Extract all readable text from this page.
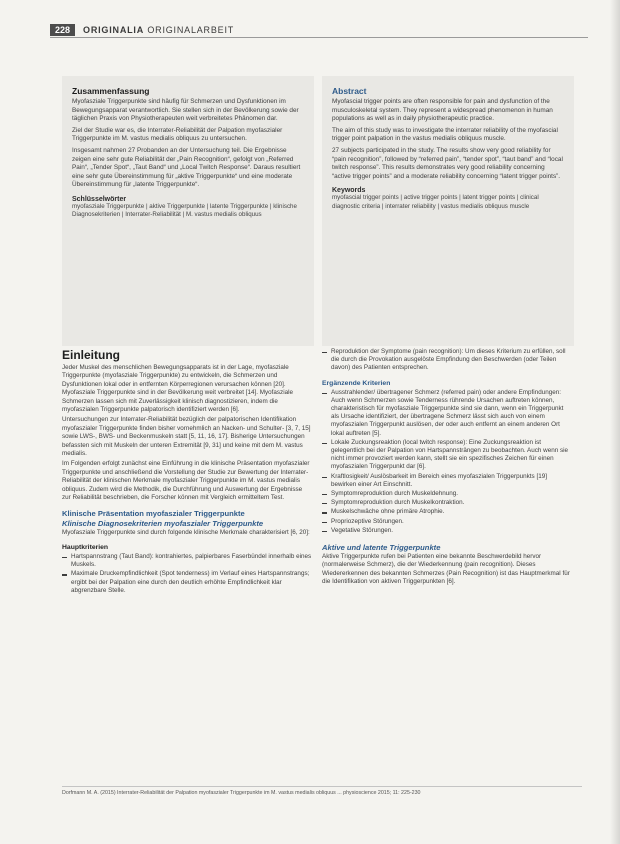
228	ORIGINALIA ORIGINALARBEIT
Zusammenfassung

Myofasziale Triggerpunkte sind häufig für Schmerzen und Dysfunktionen im Bewegungsapparat verantwortlich. Sie stellen sich in der Bevölkerung sowie der täglichen Praxis von Physiotherapeuten weit verbreitetes Phänomen dar.

Ziel der Studie war es, die Interrater-Reliabilität der Palpation myofaszialer Triggerpunkte im M. vastus medialis obliquus zu untersuchen.

Insgesamt nahmen 27 Probanden an der Untersuchung teil. Die Ergebnisse zeigen eine sehr gute Reliabilität der „Pain Recognition“, gefolgt von „Referred Pain“, „Tender Spot“, „Taut Band“ und „Local Twitch Response“. Daraus resultiert eine sehr gute Übereinstimmung für „aktive Triggerpunkte“ und eine moderate Übereinstimmung für „latente Triggerpunkte“.

Schlüsselwörter
myofasziale Triggerpunkte | aktive Triggerpunkte | latente Triggerpunkte | klinische Diagnosekriterien | Interrater-Reliabilität | M. vastus medialis obliquus
Abstract

Myofascial trigger points are often responsible for pain and dysfunction of the musculoskeletal system. They represent a widespread phenomenon in human populations as well as in daily physiotherapeutic practice.

The aim of this study was to investigate the interrater reliability of the myofascial trigger point palpation in the vastus medialis obliquus muscle.

27 subjects participated in the study. The results show very good reliability for “pain recognition”, followed by “referred pain”, “tender spot”, “taut band” and “local twitch response”. This results demonstrates very good reliability concerning “active trigger points” and a moderate reliability concerning “latent trigger points”.

Keywords
myofascial trigger points | active trigger points | latent trigger points | clinical diagnostic criteria | interrater reliability | vastus medialis obliquus muscle
Einleitung

Jeder Muskel des menschlichen Bewegungsapparats ist in der Lage, myofasziale Triggerpunkte (myofasziale Triggerpunkte) zu entwickeln, die Schmerzen und Dysfunktionen lokal oder in entfernten Körperregionen verursachen können [20]. Myofasziale Triggerpunkte sind in der Bevölkerung weit verbreitet [14]. Myofasziale Schmerzen lassen sich mit Zuverlässigkeit klinisch diagnostizieren, indem die myofaszialen Triggerpunkte palpatorisch identifiziert werden [6].

Untersuchungen zur Interrater-Reliabilität bezüglich der palpatorischen Identifikation myofaszialer Triggerpunkte finden bisher vornehmlich an Nacken- und Schulter- [3, 7, 15] sowie LWS-, BWS- und Beckenmuskeln statt [5, 11, 16, 17]. Bisherige Untersuchungen befassten sich mit Muskeln der unteren Extremität [9, 31] und keine mit dem M. vastus medialis.

Im Folgenden erfolgt zunächst eine Einführung in die klinische Präsentation myofaszialer Triggerpunkte und anschließend die Vorstellung der Studie zur Bewertung der Interrater-Reliabilität der klinischen Merkmale myofaszialer Triggerpunkte im M. vastus medialis obliquus. Zudem wird die Methodik, die Durchführung und Auswertung der Ergebnisse zur Reliabilität beschrieben, die Forscher können mit Vergleich ermitteltem Test.

Klinische Präsentation myofaszialer Triggerpunkte
Klinische Diagnosekriterien myofaszialer Triggerpunkte

Myofasziale Triggerpunkte sind durch folgende klinische Merkmale charakterisiert [6, 20]:

Hauptkriterien
Hartspannstrang (Taut Band): kontrahiertes, palpierbares Faserbündel innerhalb eines Muskels.
Maximale Druckempfindlichkeit (Spot tenderness) im Verlauf eines Hartspannstrangs; ergibt bei der Palpation eine durch den deutlich erhöhte Empfindlichkeit klar abgrenzbare Stelle.
Reproduktion der Symptome (pain recognition): Um dieses Kriterium zu erfüllen, soll die durch die Provokation ausgelöste Empfindung den Beschwerden (oder Teilen davon) des Patienten entsprechen.
Ergänzende Kriterien
Ausstrahlender/ übertragener Schmerz (referred pain) oder andere Empfindungen: Auch wenn Schmerzen sowie Tenderness rührende Ursachen auftreten können, charakteristisch für myofasziale Triggerpunkte sind sie dann, wenn ein Triggerpunkt als Ursache identifiziert, der übertragene Schmerz lässt sich auch von einem myofaszialen Triggerpunkt auslösen, der oder auch entfernt an einem anderen Ort lokal auftreten [5].
Lokale Zuckungsreaktion (local twitch response): Eine Zuckungsreaktion ist gelegentlich bei der Palpation von Hartspannsträngen zu beobachten. Auch wenn sie nicht immer provoziert werden kann, stellt sie ein spezifisches Zeichen für einen myofaszialen Triggerpunkt dar [6].
Kraftlosigkeit/ Auslösbarkeit im Bereich eines myofaszialen Triggerpunkts [19] bewirken einer Art Einschnitt.
Symptomreproduktion durch Muskeldehnung.
Symptomreproduktion durch Muskelkontraktion.
Muskelschwäche ohne primäre Atrophie.
Propriozeptive Störungen.
Vegetative Störungen.
Aktive und latente Triggerpunkte

Aktive Triggerpunkte rufen bei Patienten eine bekannte Beschwerdebild hervor (normalerweise Schmerz), die der Wiederkennung (pain recognition). Dieses Wiedererkennen des bekannten Schmerzes (Pain Recognition) ist das Hauptmerkmal für die Identifikation von aktiven Triggerpunkten [6].

Dorfmann M. A. (2015) Interrater-Reliabilität der Palpation myofaszialer Triggerpunkte im M. vastus medialis obliquus ... physioscience 2015; 11: 225-230
